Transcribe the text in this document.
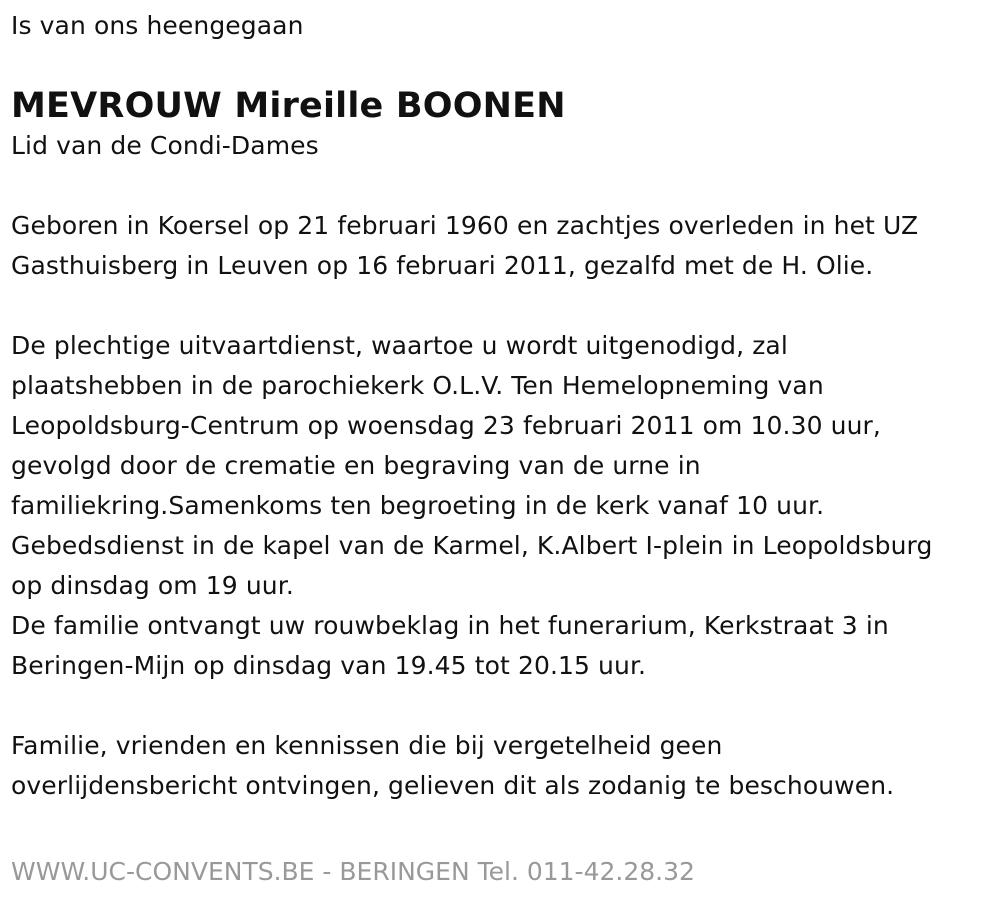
Is van ons heengegaan
MEVROUW Mireille BOONEN
Lid van de Condi-Dames
Geboren in Koersel op 21 februari 1960 en zachtjes overleden in het UZ
Gasthuisberg in Leuven op 16 februari 2011, gezalfd met de H. Olie.
De plechtige uitvaartdienst, waartoe u wordt uitgenodigd, zal
plaatshebben in de parochiekerk O.L.V. Ten Hemelopneming van
Leopoldsburg-Centrum op woensdag 23 februari 2011 om 10.30 uur,
gevolgd door de crematie en begraving van de urne in
familiekring.Samenkoms ten begroeting in de kerk vanaf 10 uur.
Gebedsdienst in de kapel van de Karmel, K.Albert I-plein in Leopoldsburg
op dinsdag om 19 uur.
De familie ontvangt uw rouwbeklag in het funerarium, Kerkstraat 3 in
Beringen-Mijn op dinsdag van 19.45 tot 20.15 uur.
Familie, vrienden en kennissen die bij vergetelheid geen
overlijdensbericht ontvingen, gelieven dit als zodanig te beschouwen.
WWW.UC-CONVENTS.BE - BERINGEN Tel. 011-42.28.32
